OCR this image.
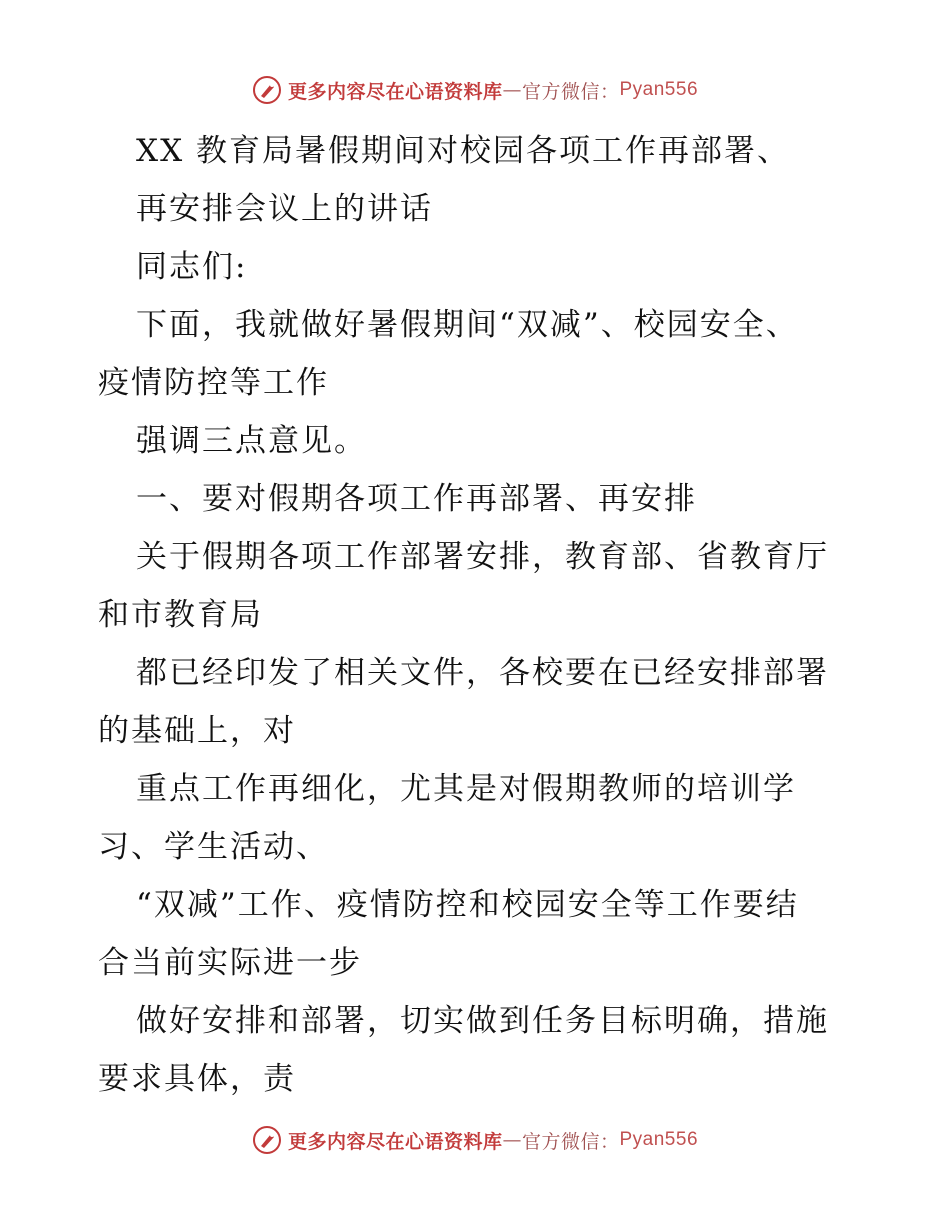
更多内容尽在心语资料库 — 官方微信： Pyan556
XX 教育局暑假期间对校园各项工作再部署、
再安排会议上的讲话
同志们:
下面，我就做好暑假期间“双减”、校园安全、
疫情防控等工作
强调三点意见。
一、要对假期各项工作再部署、再安排
关于假期各项工作部署安排，教育部、省教育厅
和市教育局
都已经印发了相关文件，各校要在已经安排部署
的基础上，对
重点工作再细化，尤其是对假期教师的培训学
习、学生活动、
“双减”工作、疫情防控和校园安全等工作要结
合当前实际进一步
做好安排和部署，切实做到任务目标明确，措施
要求具体，责
更多内容尽在心语资料库 — 官方微信： Pyan556
